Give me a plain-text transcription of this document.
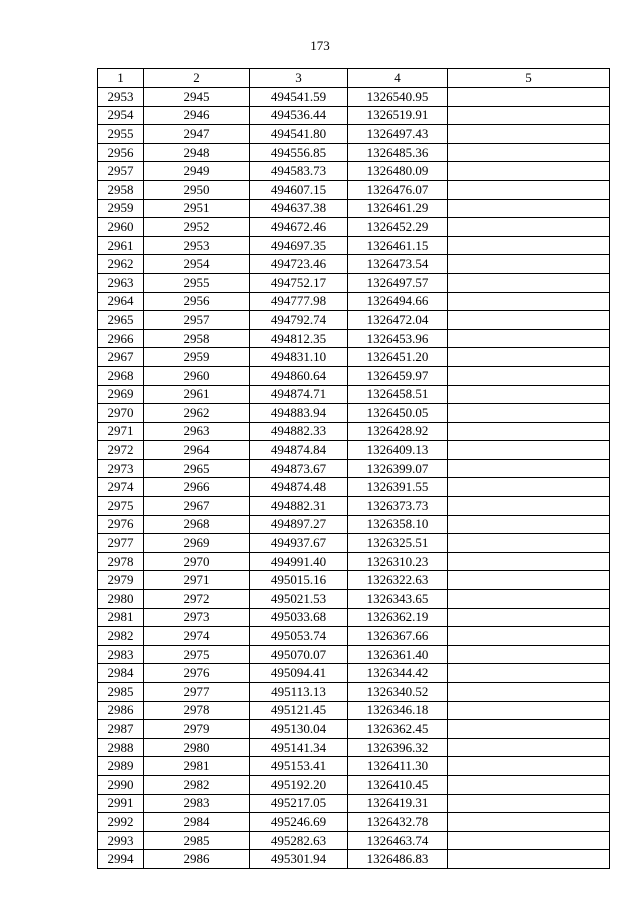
173
1	2	3	4	5
2953	2945	494541.59	1326540.95	
2954	2946	494536.44	1326519.91	
2955	2947	494541.80	1326497.43	
2956	2948	494556.85	1326485.36	
2957	2949	494583.73	1326480.09	
2958	2950	494607.15	1326476.07	
2959	2951	494637.38	1326461.29	
2960	2952	494672.46	1326452.29	
2961	2953	494697.35	1326461.15	
2962	2954	494723.46	1326473.54	
2963	2955	494752.17	1326497.57	
2964	2956	494777.98	1326494.66	
2965	2957	494792.74	1326472.04	
2966	2958	494812.35	1326453.96	
2967	2959	494831.10	1326451.20	
2968	2960	494860.64	1326459.97	
2969	2961	494874.71	1326458.51	
2970	2962	494883.94	1326450.05	
2971	2963	494882.33	1326428.92	
2972	2964	494874.84	1326409.13	
2973	2965	494873.67	1326399.07	
2974	2966	494874.48	1326391.55	
2975	2967	494882.31	1326373.73	
2976	2968	494897.27	1326358.10	
2977	2969	494937.67	1326325.51	
2978	2970	494991.40	1326310.23	
2979	2971	495015.16	1326322.63	
2980	2972	495021.53	1326343.65	
2981	2973	495033.68	1326362.19	
2982	2974	495053.74	1326367.66	
2983	2975	495070.07	1326361.40	
2984	2976	495094.41	1326344.42	
2985	2977	495113.13	1326340.52	
2986	2978	495121.45	1326346.18	
2987	2979	495130.04	1326362.45	
2988	2980	495141.34	1326396.32	
2989	2981	495153.41	1326411.30	
2990	2982	495192.20	1326410.45	
2991	2983	495217.05	1326419.31	
2992	2984	495246.69	1326432.78	
2993	2985	495282.63	1326463.74	
2994	2986	495301.94	1326486.83	
